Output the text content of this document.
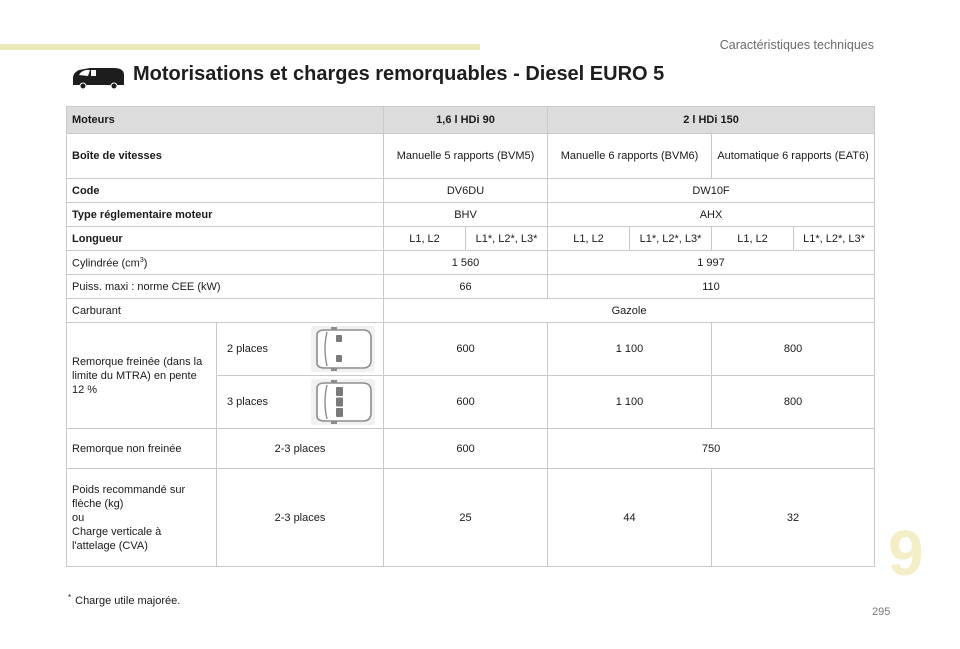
Caractéristiques techniques
Motorisations et charges remorquables - Diesel EURO 5
Moteurs		1,6 l HDi 90		2 l HDi 150			
Boîte de vitesses		Manuelle 5 rapports (BVM5)		Manuelle 6 rapports (BVM6)		Automatique 6 rapports (EAT6)	
Code		DV6DU		DW10F			
Type réglementaire moteur		BHV		AHX			
Longueur		L1, L2	L1*, L2*, L3*	L1, L2	L1*, L2*, L3*	L1, L2	L1*, L2*, L3*
Cylindrée $(cm^3)$		1 560		1 997			
Puiss. maxi : norme CEE (kW)		66		110			
Carburant		Gazole					
Remorque freinée (dans la limite du MTRA) en pente 12 %	2 places	600		1 100		800	

	3 places	600		1 100		800	
Remorque non freinée	2-3 places	600		750			

Poids recommandé sur
flèche (kg)
ou
Charge verticale à
l'attelage (CVA)	2-3 places	25		44		32	
* Charge utile majorée.
9
295
